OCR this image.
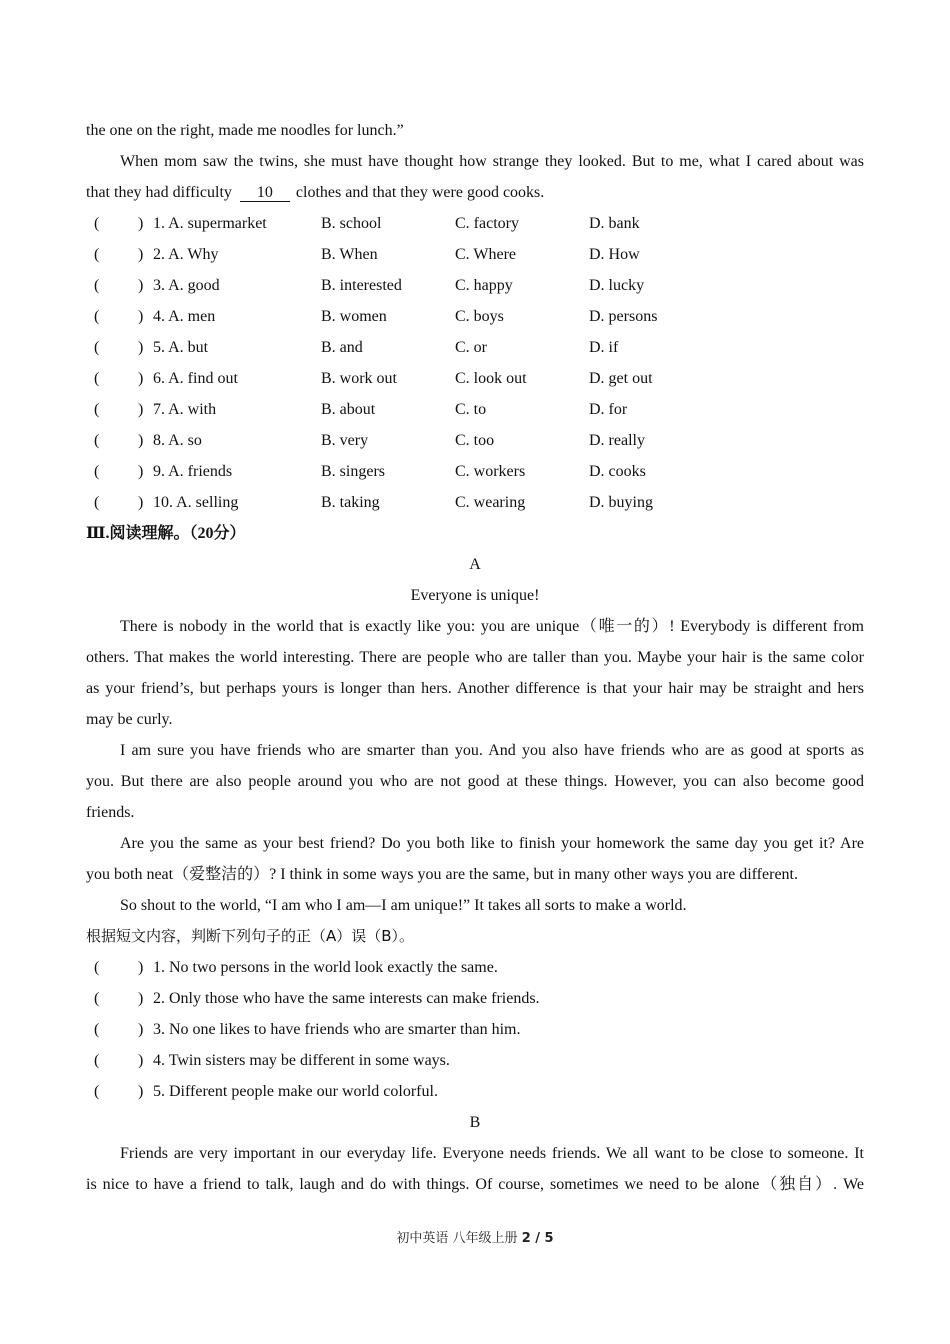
the one on the right, made me noodles for lunch.”
When mom saw the twins, she must have thought how strange they looked. But to me, what I cared about was
that they had difficulty 10 clothes and that they were good cooks.
( ) 1. A. supermarket	B. school	C. factory	D. bank
( ) 2. A. Why	B. When	C. Where	D. How
( ) 3. A. good	B. interested	C. happy	D. lucky
( ) 4. A. men	B. women	C. boys	D. persons
( ) 5. A. but	B. and	C. or	D. if
( ) 6. A. find out	B. work out	C. look out	D. get out
( ) 7. A. with	B. about	C. to	D. for
( ) 8. A. so	B. very	C. too	D. really
( ) 9. A. friends	B. singers	C. workers	D. cooks
( ) 10. A. selling	B. taking	C. wearing	D. buying
Ⅲ.阅读理解。（20分）
A
Everyone is unique!
There is nobody in the world that is exactly like you: you are unique（唯一的）! Everybody is different from
others. That makes the world interesting. There are people who are taller than you. Maybe your hair is the same color
as your friend’s, but perhaps yours is longer than hers. Another difference is that your hair may be straight and hers
may be curly.
I am sure you have friends who are smarter than you. And you also have friends who are as good at sports as
you. But there are also people around you who are not good at these things. However, you can also become good
friends.
Are you the same as your best friend? Do you both like to finish your homework the same day you get it? Are
you both neat（爱整洁的）? I think in some ways you are the same, but in many other ways you are different.
So shout to the world, “I am who I am—I am unique!” It takes all sorts to make a world.
根据短文内容，判断下列句子的正（A）误（B）。
( ) 1. No two persons in the world look exactly the same.
( ) 2. Only those who have the same interests can make friends.
( ) 3. No one likes to have friends who are smarter than him.
( ) 4. Twin sisters may be different in some ways.
( ) 5. Different people make our world colorful.
B
Friends are very important in our everyday life. Everyone needs friends. We all want to be close to someone. It
is nice to have a friend to talk, laugh and do with things. Of course, sometimes we need to be alone（独自）. We
初中英语 八年级上册 2 / 5
